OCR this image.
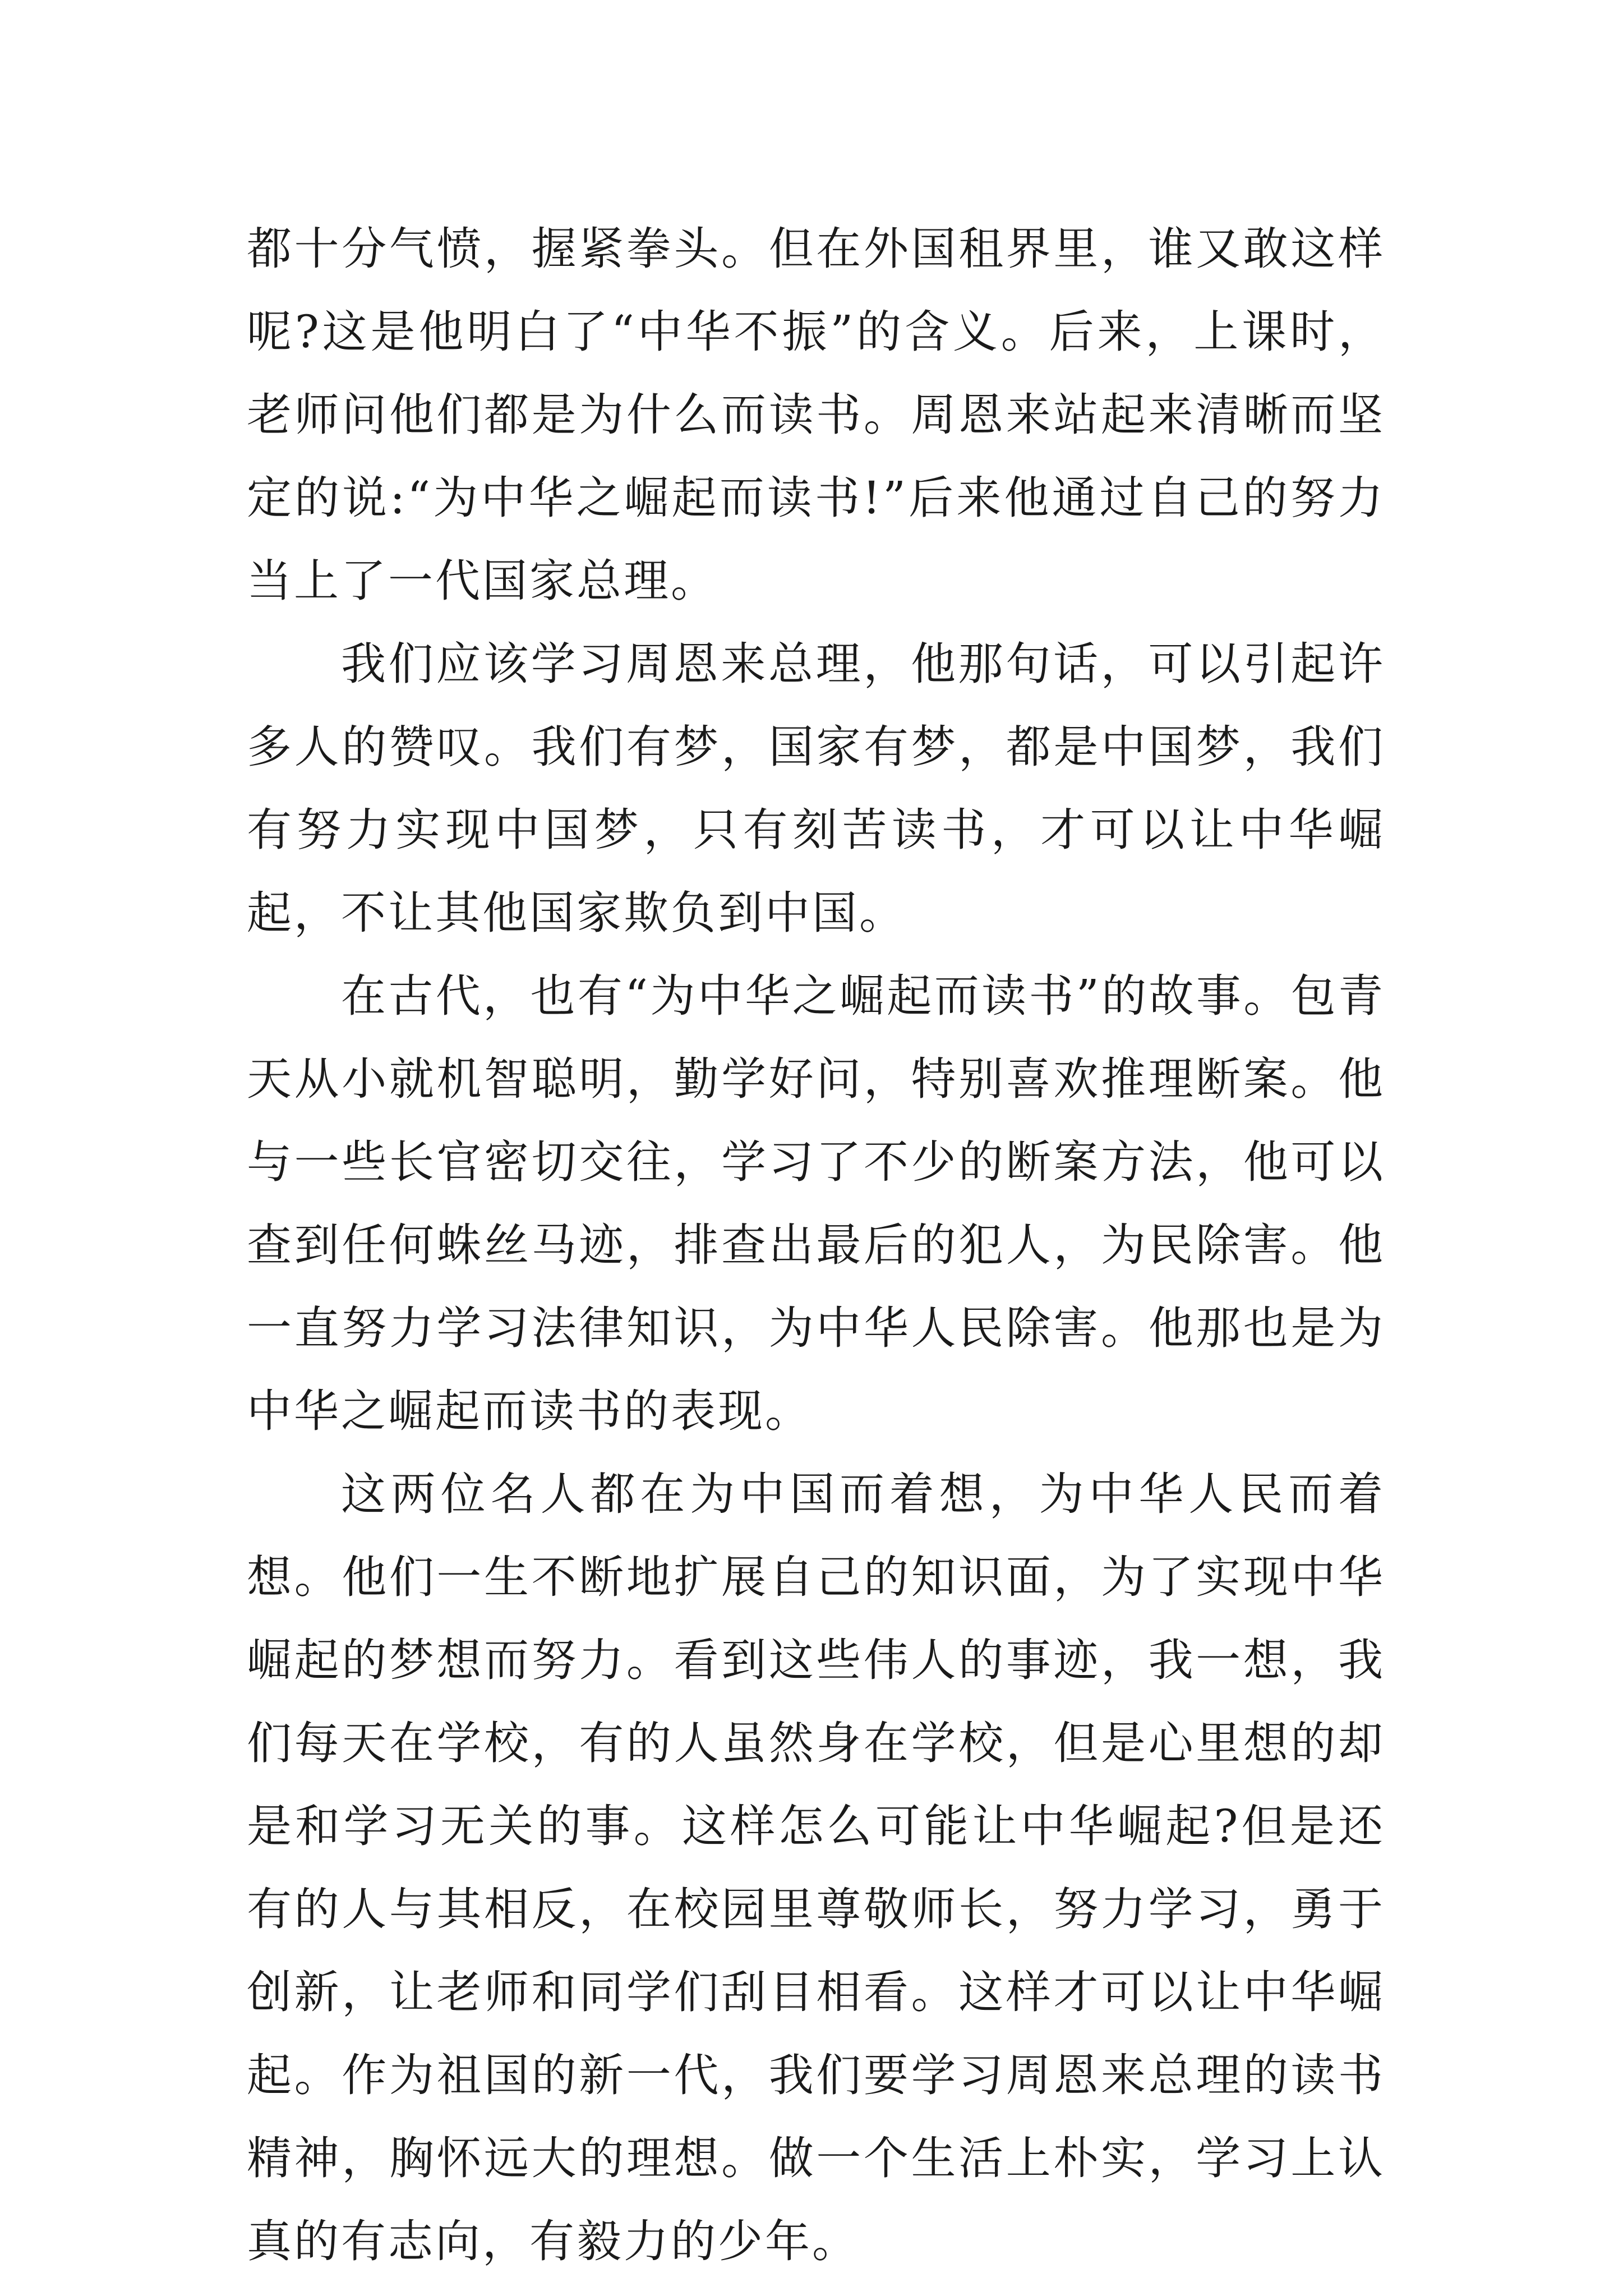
都十分气愤，握紧拳头。但在外国租界里，谁又敢这样呢?这是他明白了“中华不振”的含义。后来，上课时，老师问他们都是为什么而读书。周恩来站起来清晰而坚定的说:“为中华之崛起而读书!”后来他通过自己的努力当上了一代国家总理。

我们应该学习周恩来总理，他那句话，可以引起许多人的赞叹。我们有梦，国家有梦，都是中国梦，我们有努力实现中国梦，只有刻苦读书，才可以让中华崛起，不让其他国家欺负到中国。

在古代，也有“为中华之崛起而读书”的故事。包青天从小就机智聪明，勤学好问，特别喜欢推理断案。他与一些长官密切交往，学习了不少的断案方法，他可以查到任何蛛丝马迹，排查出最后的犯人，为民除害。他一直努力学习法律知识，为中华人民除害。他那也是为中华之崛起而读书的表现。

这两位名人都在为中国而着想，为中华人民而着想。他们一生不断地扩展自己的知识面，为了实现中华崛起的梦想而努力。看到这些伟人的事迹，我一想，我们每天在学校，有的人虽然身在学校，但是心里想的却是和学习无关的事。这样怎么可能让中华崛起?但是还有的人与其相反，在校园里尊敬师长，努力学习，勇于创新，让老师和同学们刮目相看。这样才可以让中华崛起。作为祖国的新一代，我们要学习周恩来总理的读书精神，胸怀远大的理想。做一个生活上朴实，学习上认真的有志向，有毅力的少年。
